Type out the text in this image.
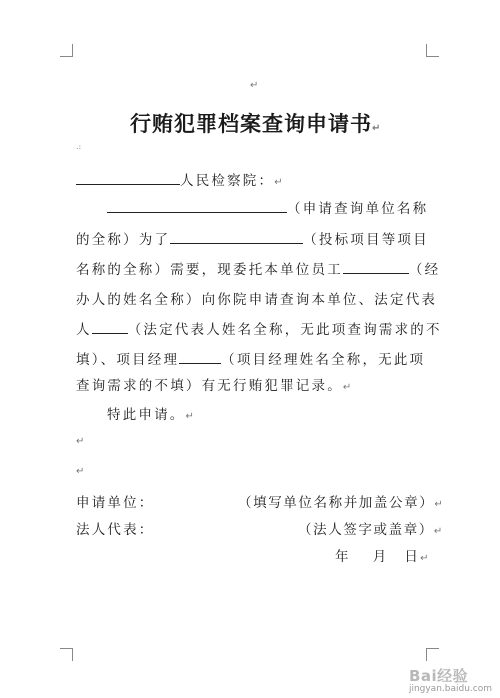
↵
行贿犯罪档案查询申请书↵
.:
人民检察院：↵
（申请查询单位名称
的全称）为了	（投标项目等项目
名称的全称）需要，现委托本单位员工	（经
办人的姓名全称）向你院申请查询本单位、法定代表
人	（法定代表人姓名全称，无此项查询需求的不
填）、项目经理	（项目经理姓名全称，无此项
查询需求的不填）有无行贿犯罪记录。↵
特此申请。↵
↵
↵
申请单位：	（填写单位名称并加盖公章）↵
法人代表：	（法人签字或盖章）↵
年 月 日↵
Bai经验
jingyan.baidu.com
